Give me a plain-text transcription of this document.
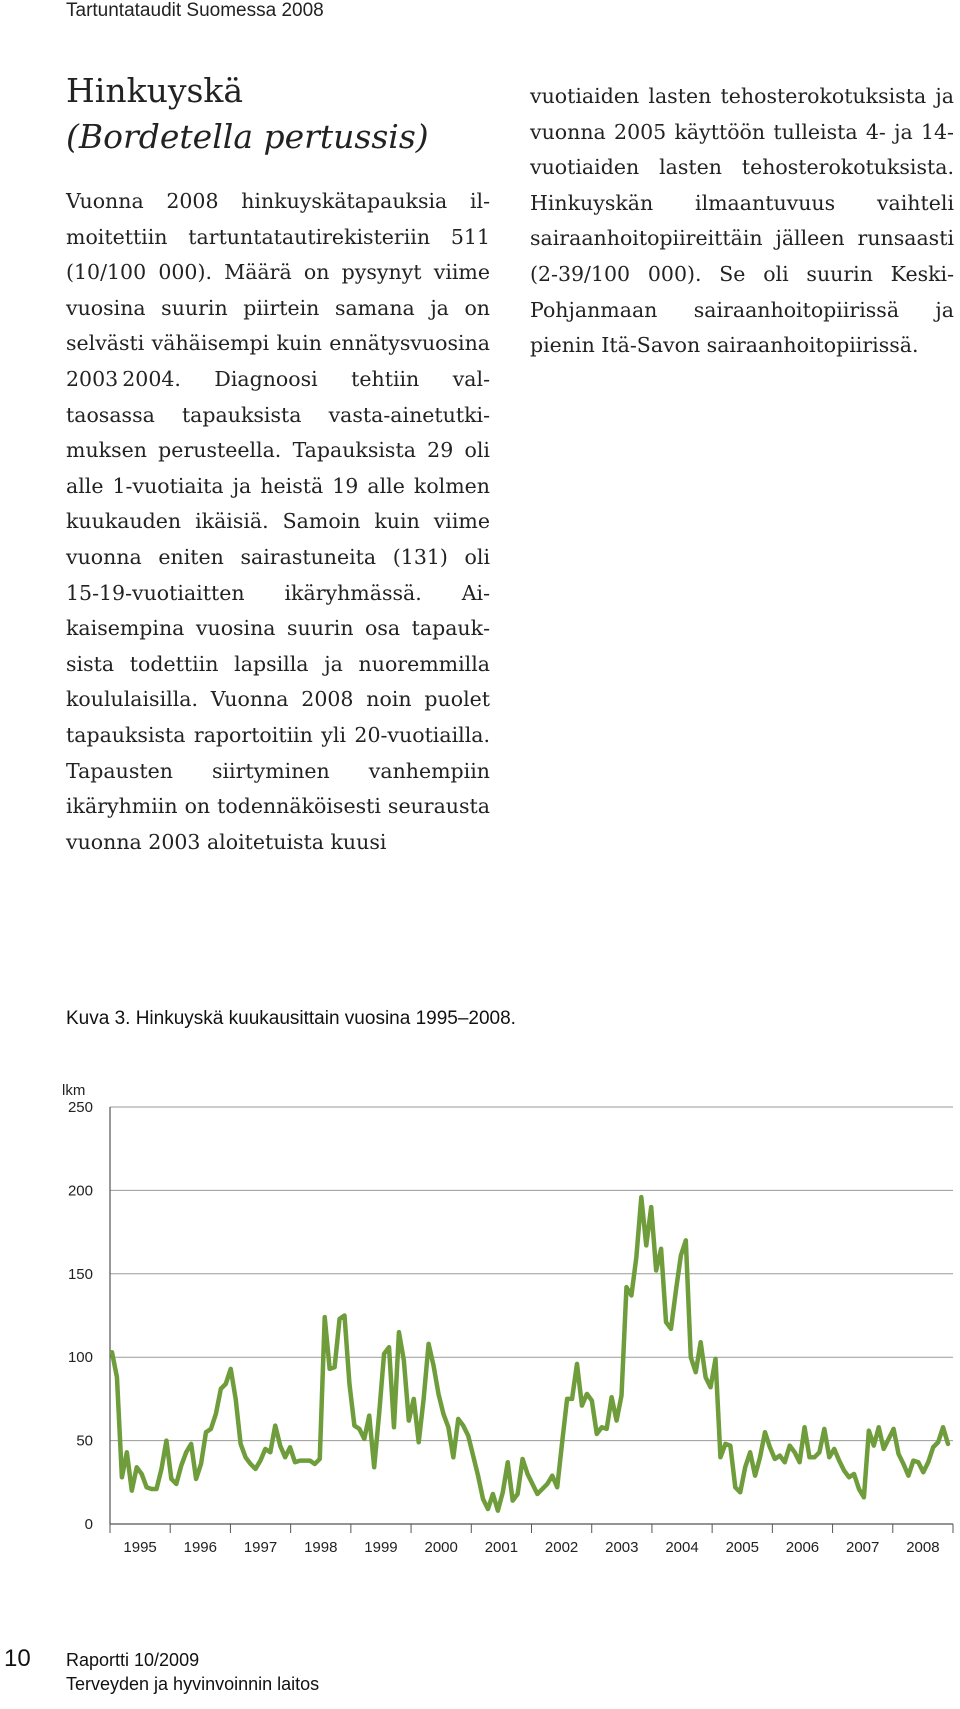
Tartuntataudit Suomessa 2008
Hinkuyskä
(Bordetella pertussis)

Vuonna 2008 hinkuyskätapauksia ilmoitettiin tartuntatautirekisteriin 511 (10/100 000). Määrä on pysynyt viime vuosina suurin piirtein samana ja on selvästi vähäisempi kuin ennätysvuosina 2003 2004. Diagnoosi tehtiin valtaosassa tapauksista vasta-ainetutkimuksen perusteella. Tapauksista 29 oli alle 1-vuotiaita ja heistä 19 alle kolmen kuukauden ikäisiä. Samoin kuin viime vuonna eniten sairastuneita (131) oli 15‑19-vuotiaitten ikäryhmässä. Aikaisempina vuosina suurin osa tapauksista todettiin lapsilla ja nuoremmilla koululaisilla. Vuonna 2008 noin puolet tapauksista raportoitiin yli 20-vuotiailla. Tapausten siirtyminen vanhempiin ikäryhmiin on todennäköisesti seurausta vuonna 2003 aloitetuista kuusi

vuotiaiden lasten tehosterokotuksista ja vuonna 2005 käyttöön tulleista 4- ja 14-vuotiaiden lasten tehosterokotuksista. Hinkuyskän ilmaantuvuus vaihteli sairaanhoitopiireittäin jälleen runsaasti (2‑39/100 000). Se oli suurin Keski-Pohjanmaan sairaanhoitopiirissä ja pienin Itä-Savon sairaanhoitopiirissä.

Kuva 3. Hinkuyskä kuukausittain vuosina 1995–2008.
lkm
0
50
100
150
200
250
1995 1996 1997 1998 1999 2000 2001 2002 2003 2004 2005 2006 2007 2008
10 Raportti 10/2009
Terveyden ja hyvinvoinnin laitos
